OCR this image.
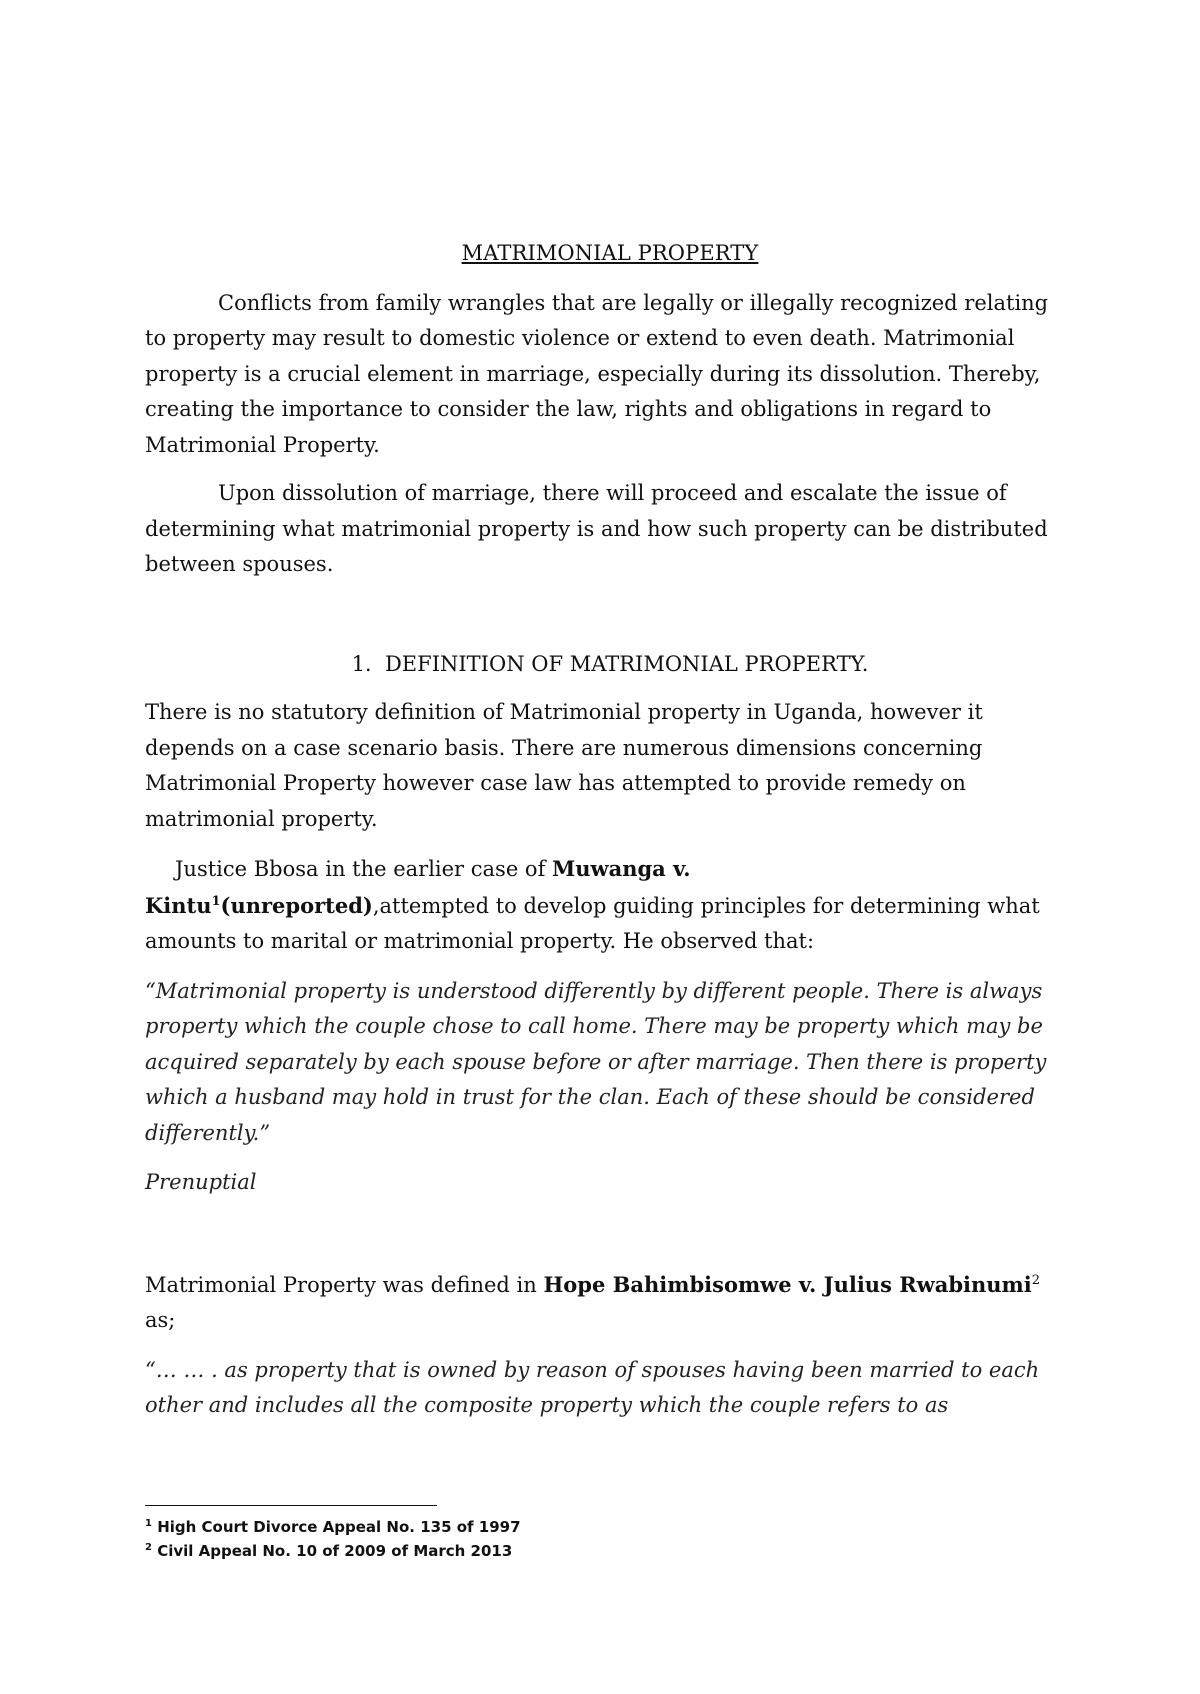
MATRIMONIAL PROPERTY

Conflicts from family wrangles that are legally or illegally recognized relating to property may result to domestic violence or extend to even death. Matrimonial property is a crucial element in marriage, especially during its dissolution. Thereby, creating the importance to consider the law, rights and obligations in regard to Matrimonial Property.

Upon dissolution of marriage, there will proceed and escalate the issue of determining what matrimonial property is and how such property can be distributed between spouses.

1. DEFINITION OF MATRIMONIAL PROPERTY.

There is no statutory definition of Matrimonial property in Uganda, however it depends on a case scenario basis. There are numerous dimensions concerning Matrimonial Property however case law has attempted to provide remedy on matrimonial property.

Justice Bbosa in the earlier case of Muwanga v.
Kintu$^1$(unreported),attempted to develop guiding principles for determining what amounts to marital or matrimonial property. He observed that:

“Matrimonial property is understood differently by different people. There is always property which the couple chose to call home. There may be property which may be acquired separately by each spouse before or after marriage. Then there is property which a husband may hold in trust for the clan. Each of these should be considered differently.”

Prenuptial

Matrimonial Property was defined in Hope Bahimbisomwe v. Julius Rwabinumi$^2$ as;

“… … . as property that is owned by reason of spouses having been married to each other and includes all the composite property which the couple refers to as

$^1$ High Court Divorce Appeal No. 135 of 1997
$^2$ Civil Appeal No. 10 of 2009 of March 2013
